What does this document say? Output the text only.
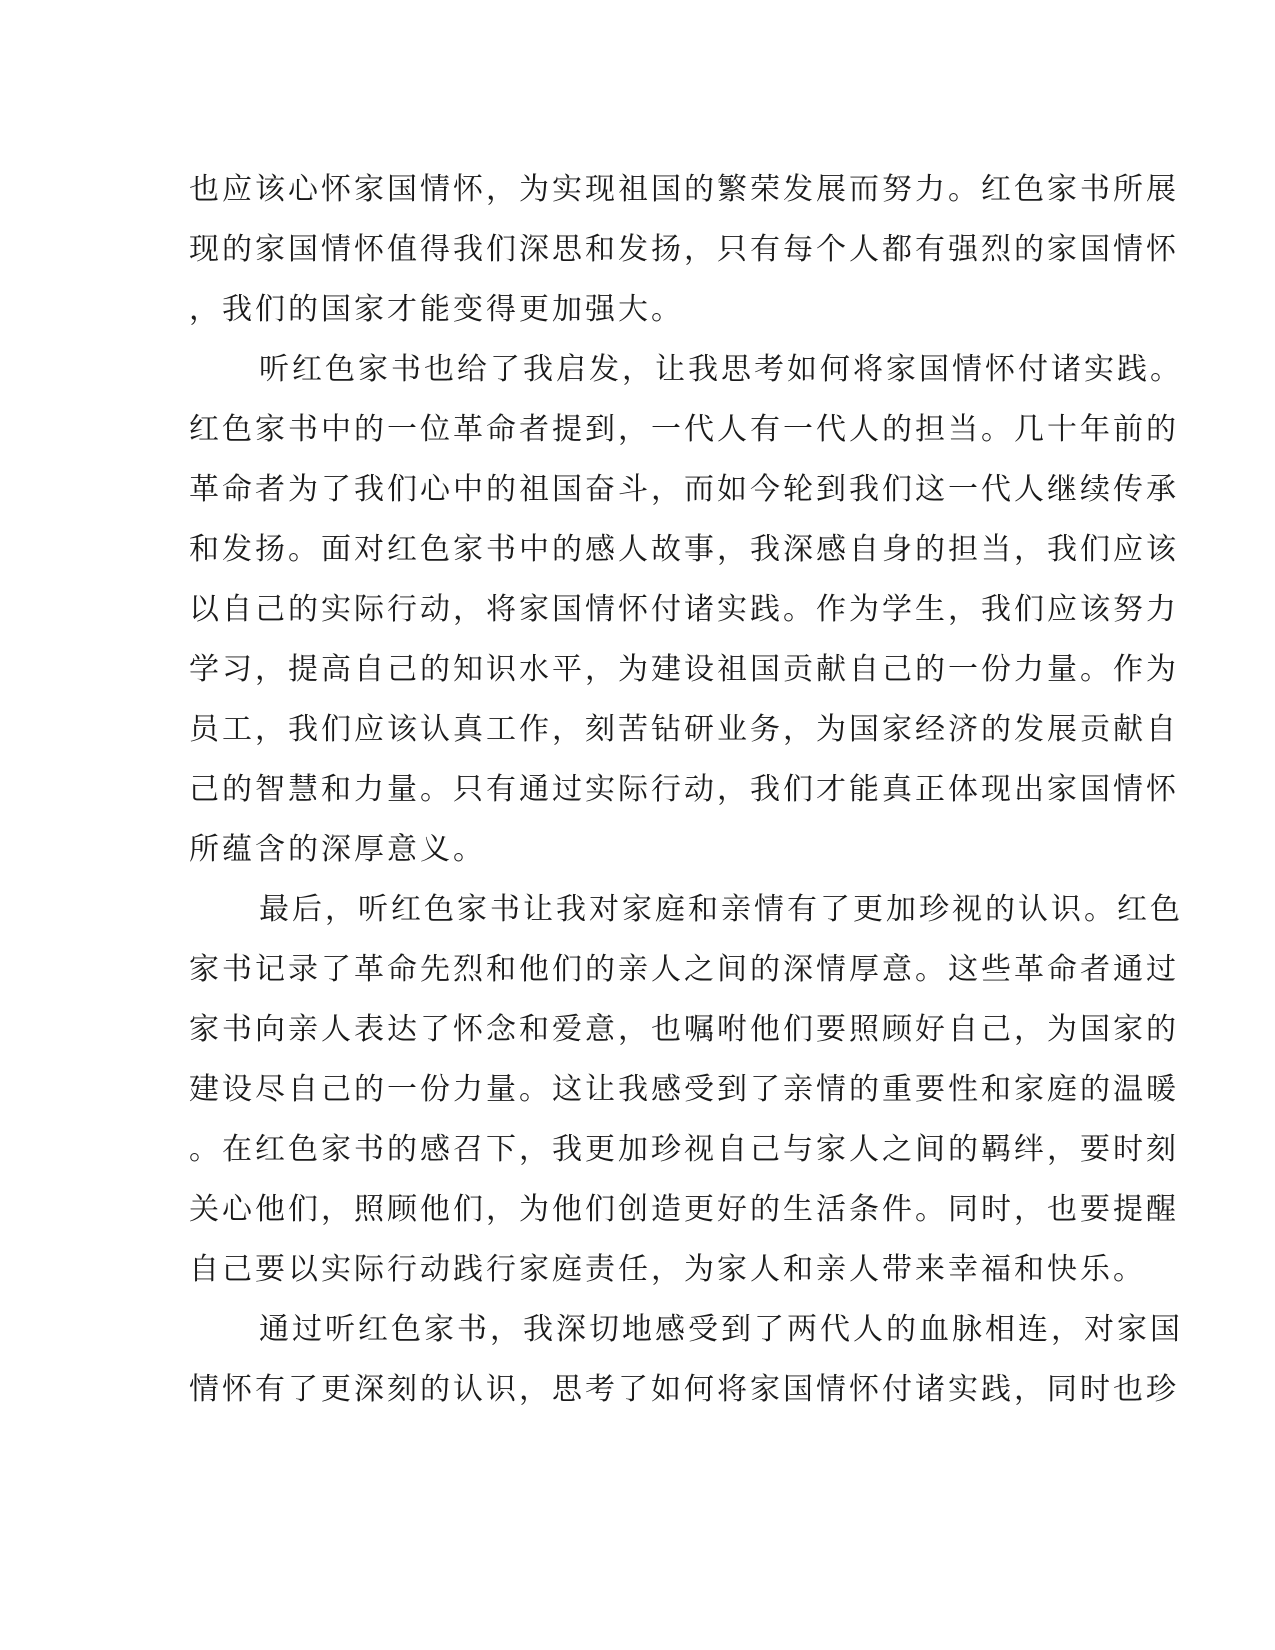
也应该心怀家国情怀，为实现祖国的繁荣发展而努力。红色家书所展
现的家国情怀值得我们深思和发扬，只有每个人都有强烈的家国情怀
，我们的国家才能变得更加强大。
听红色家书也给了我启发，让我思考如何将家国情怀付诸实践。
红色家书中的一位革命者提到，一代人有一代人的担当。几十年前的
革命者为了我们心中的祖国奋斗，而如今轮到我们这一代人继续传承
和发扬。面对红色家书中的感人故事，我深感自身的担当，我们应该
以自己的实际行动，将家国情怀付诸实践。作为学生，我们应该努力
学习，提高自己的知识水平，为建设祖国贡献自己的一份力量。作为
员工，我们应该认真工作，刻苦钻研业务，为国家经济的发展贡献自
己的智慧和力量。只有通过实际行动，我们才能真正体现出家国情怀
所蕴含的深厚意义。
最后，听红色家书让我对家庭和亲情有了更加珍视的认识。红色
家书记录了革命先烈和他们的亲人之间的深情厚意。这些革命者通过
家书向亲人表达了怀念和爱意，也嘱咐他们要照顾好自己，为国家的
建设尽自己的一份力量。这让我感受到了亲情的重要性和家庭的温暖
。在红色家书的感召下，我更加珍视自己与家人之间的羁绊，要时刻
关心他们，照顾他们，为他们创造更好的生活条件。同时，也要提醒
自己要以实际行动践行家庭责任，为家人和亲人带来幸福和快乐。
通过听红色家书，我深切地感受到了两代人的血脉相连，对家国
情怀有了更深刻的认识，思考了如何将家国情怀付诸实践，同时也珍
